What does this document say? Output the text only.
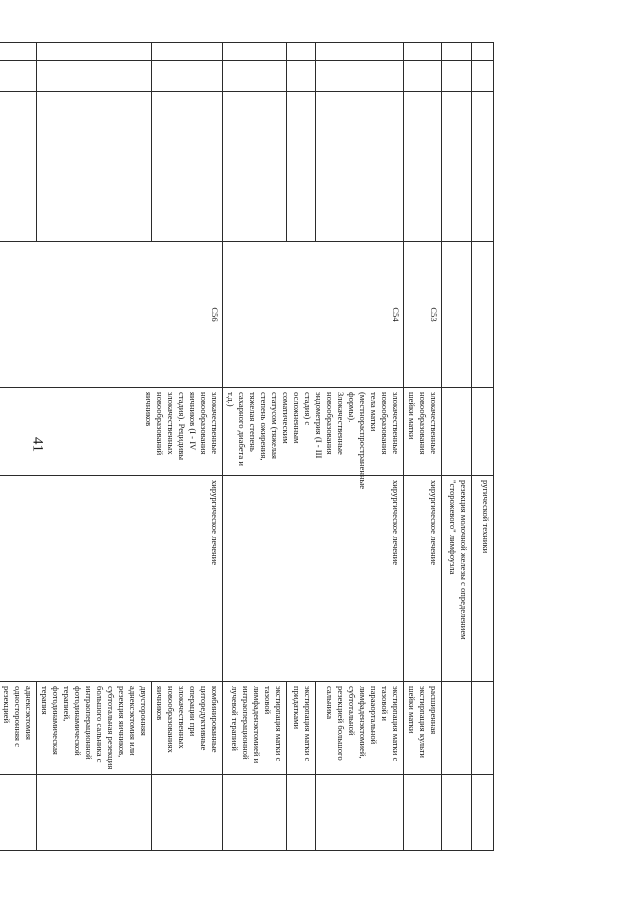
41
					ругической техники		
					резекция молочной железы с определением "сторожевого" лимфоузла		
			C53	злокачественные новообразования шейки матки	хирургическое лечение	расширенная экстирпация культи шейки матки	
			C54	злокачественные новообразования тела матки (местнораспространенные формы). Злокачественные новообразования эндометрия (I - III стадия) с осложненным соматическим статусом (тяжелая степень ожирения, тяжелая степень сахарного диабета и т.д.)	хирургическое лечение	экстирпация матки с тазовой и парааортальной лимфаденэктомией, субтотальной резекцией большого сальника	
						экстирпация матки с придатками	
						экстирпация матки с тазовой лимфаденэктомией и интраоперационной лучевой терапией	
			C56	злокачественные новообразования яичников (I - IV стадия). Рецидивы злокачественных новообразований яичников	хирургическое лечение	комбинированные циторедуктивные операции при злокачественных новообразованиях яичников	
						двусторонняя аднексэктомия или резекция яичников, субтотальная резекция большого сальника с интраоперационной фотодинамической терапией, фотодинамическая терапия	
						аднексэктомия односторонняя с резекцией	
